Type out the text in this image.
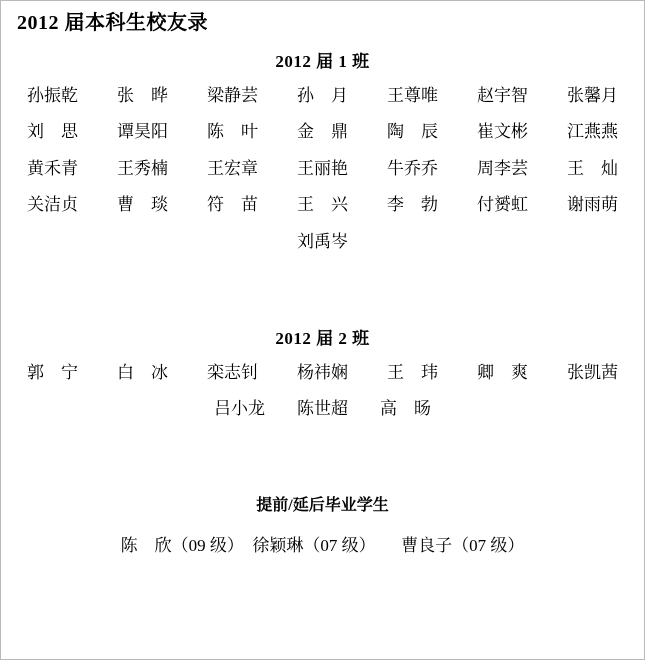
2012 届本科生校友录
2012 届 1 班
孙振乾 张　晔 梁静芸 孙　月 王尊唯 赵宇智 张馨月
刘　思 谭昊阳 陈　叶 金　鼎 陶　辰 崔文彬 江燕燕
黄禾青 王秀楠 王宏章 王丽艳 牛乔乔 周李芸 王　灿
关洁贞 曹　琰 符　苗 王　兴 李　勃 付赟虹 谢雨萌
刘禹岑
2012 届 2 班
郭　宁 白　冰 栾志钊 杨祎娴 王　玮 卿　爽 张凯茜
吕小龙 陈世超 高　旸
提前/延后毕业学生
陈　欣（09 级）　徐颖琳（07 级）　　曹良子（07 级）
